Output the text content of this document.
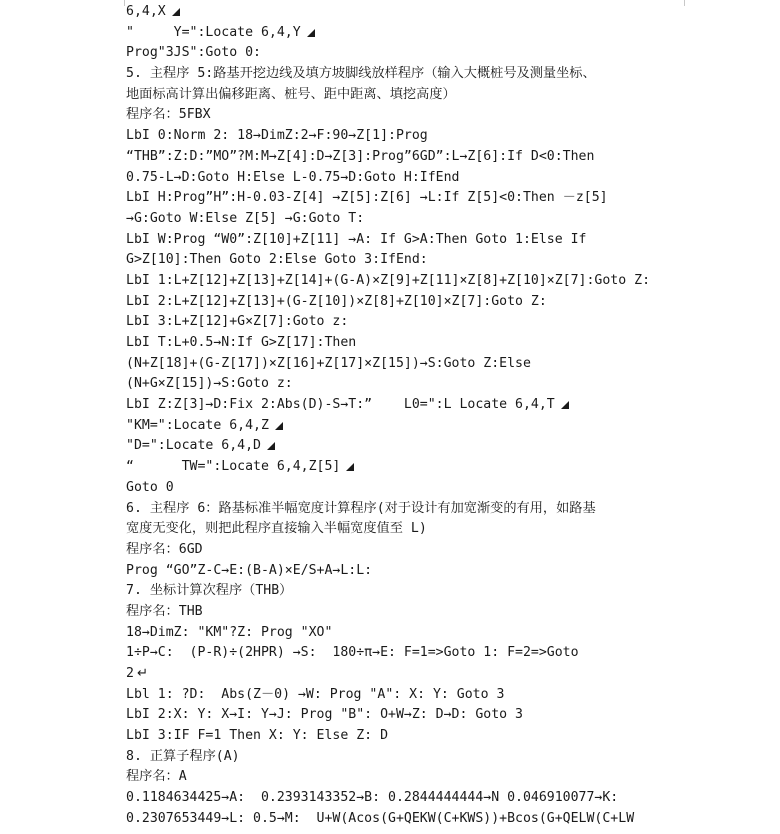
6,4,X
"     Y=":Locate 6,4,Y
Prog"3JS":Goto 0:
5. 主程序 5:路基开挖边线及填方坡脚线放样程序（输入大概桩号及测量坐标、
地面标高计算出偏移距离、桩号、距中距离、填挖高度）
程序名：5FBX
LbI 0:Norm 2: 18→DimZ:2→F:90→Z[1]:Prog
“THB”:Z:D:”MO”?M:M→Z[4]:D→Z[3]:Prog”6GD”:L→Z[6]:If D<0:Then
0.75-L→D:Goto H:Else L-0.75→D:Goto H:IfEnd
LbI H:Prog”H”:H-0.03-Z[4] →Z[5]:Z[6] →L:If Z[5]<0:Then －z[5]
→G:Goto W:Else Z[5] →G:Goto T:
LbI W:Prog “W0”:Z[10]+Z[11] →A: If G>A:Then Goto 1:Else If
G>Z[10]:Then Goto 2:Else Goto 3:IfEnd:
LbI 1:L+Z[12]+Z[13]+Z[14]+(G-A)×Z[9]+Z[11]×Z[8]+Z[10]×Z[7]:Goto Z:
LbI 2:L+Z[12]+Z[13]+(G-Z[10])×Z[8]+Z[10]×Z[7]:Goto Z:
LbI 3:L+Z[12]+G×Z[7]:Goto z:
LbI T:L+0.5→N:If G>Z[17]:Then
(N+Z[18]+(G-Z[17])×Z[16]+Z[17]×Z[15])→S:Goto Z:Else
(N+G×Z[15])→S:Goto z:
LbI Z:Z[3]→D:Fix 2:Abs(D)-S→T:”    L0=":L Locate 6,4,T
"KM=":Locate 6,4,Z
"D=":Locate 6,4,D
“      TW=":Locate 6,4,Z[5]
Goto 0
6. 主程序 6：路基标准半幅宽度计算程序(对于设计有加宽渐变的有用，如路基
宽度无变化，则把此程序直接输入半幅宽度值至 L)
程序名：6GD
Prog “GO”Z-C→E:(B-A)×E/S+A→L:L:
7. 坐标计算次程序（THB）
程序名：THB
18→DimZ: "KM"?Z: Prog "XO"
1÷P→C:  (P-R)÷(2HPR) →S:  180÷π→E: F=1=>Goto 1: F=2=>Goto
2 ↵
Lbl 1: ?D:  Abs(Z－0) →W: Prog "A": X: Y: Goto 3
LbI 2:X: Y: X→I: Y→J: Prog "B": O+W→Z: D→D: Goto 3
LbI 3:IF F=1 Then X: Y: Else Z: D
8. 正算子程序(A)
程序名：A
0.1184634425→A:  0.2393143352→B: 0.2844444444→N 0.046910077→K:
0.2307653449→L: 0.5→M:  U+W(Acos(G+QEKW(C+KWS))+Bcos(G+QELW(C+LW
